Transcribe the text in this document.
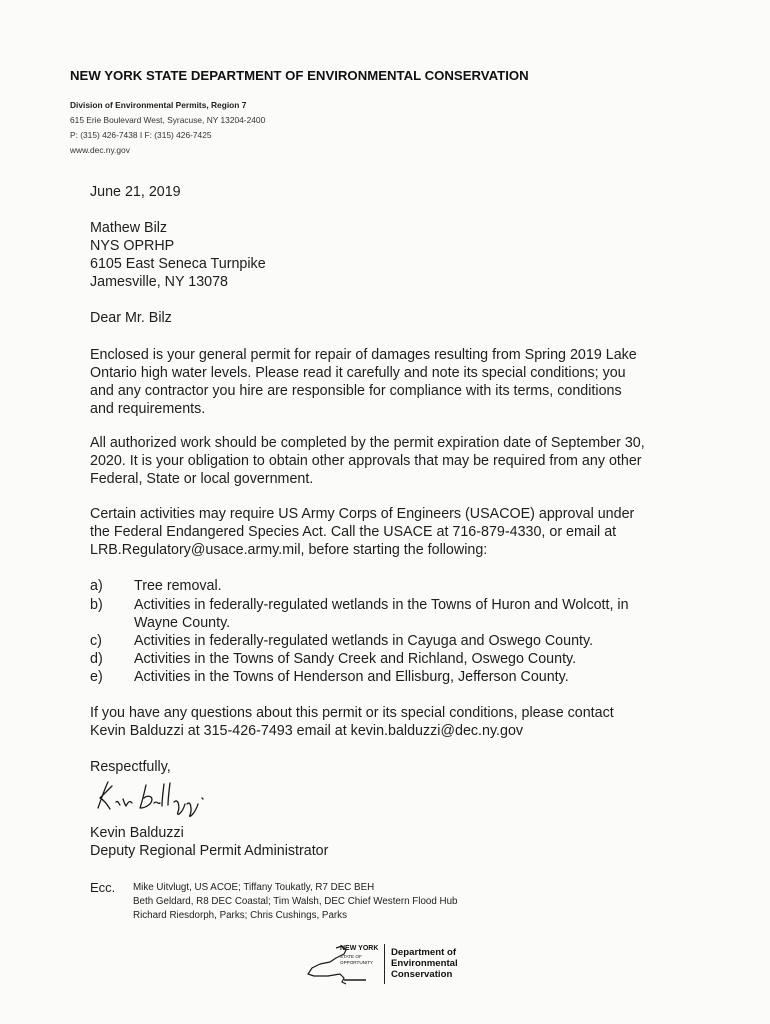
NEW YORK STATE DEPARTMENT OF ENVIRONMENTAL CONSERVATION
Division of Environmental Permits, Region 7
615 Erie Boulevard West, Syracuse, NY 13204-2400
P: (315) 426-7438 I F: (315) 426-7425
www.dec.ny.gov
June 21, 2019
Mathew Bilz
NYS OPRHP
6105 East Seneca Turnpike
Jamesville, NY 13078
Dear Mr. Bilz
Enclosed is your general permit for repair of damages resulting from Spring 2019 Lake
Ontario high water levels. Please read it carefully and note its special conditions; you
and any contractor you hire are responsible for compliance with its terms, conditions
and requirements.
All authorized work should be completed by the permit expiration date of September 30,
2020. It is your obligation to obtain other approvals that may be required from any other
Federal, State or local government.
Certain activities may require US Army Corps of Engineers (USACOE) approval under
the Federal Endangered Species Act. Call the USACE at 716-879-4330, or email at
LRB.Regulatory@usace.army.mil, before starting the following:
a) Tree removal.
b) Activities in federally-regulated wetlands in the Towns of Huron and Wolcott, in
Wayne County.
c) Activities in federally-regulated wetlands in Cayuga and Oswego County.
d) Activities in the Towns of Sandy Creek and Richland, Oswego County.
e) Activities in the Towns of Henderson and Ellisburg, Jefferson County.
If you have any questions about this permit or its special conditions, please contact
Kevin Balduzzi at 315-426-7493 email at kevin.balduzzi@dec.ny.gov
Respectfully,
Kevin Balduzzi
Deputy Regional Permit Administrator
Ecc. Mike Uitvlugt, US ACOE; Tiffany Toukatly, R7 DEC BEH
Beth Geldard, R8 DEC Coastal; Tim Walsh, DEC Chief Western Flood Hub
Richard Riesdorph, Parks; Chris Cushings, Parks
NEW YORK
STATE OF
OPPORTUNITY
Department of
Environmental
Conservation
